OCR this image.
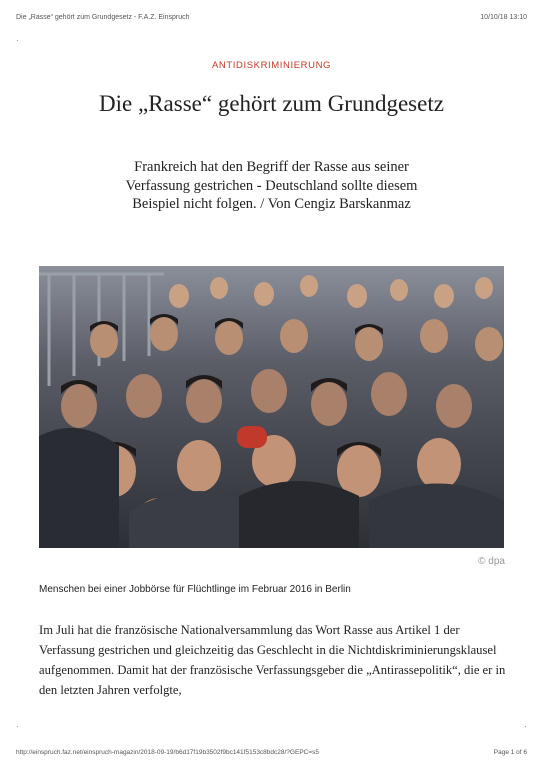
Die „Rasse“ gehört zum Grundgesetz - F.A.Z. Einspruch	10/10/18 13:10
ANTIDISKRIMINIERUNG
Die „Rasse“ gehört zum Grundgesetz
Frankreich hat den Begriff der Rasse aus seiner Verfassung gestrichen - Deutschland sollte diesem Beispiel nicht folgen. / Von Cengiz Barskanmaz
© dpa
Menschen bei einer Jobbörse für Flüchtlinge im Februar 2016 in Berlin

Im Juli hat die französische Nationalversammlung das Wort Rasse aus Artikel 1 der Verfassung gestrichen und gleichzeitig das Geschlecht in die Nichtdiskriminierungsklausel aufgenommen. Damit hat der französische Verfassungsgeber die „Antirassepolitik“, die er in den letzten Jahren verfolgte,

http://einspruch.faz.net/einspruch-magazin/2018-09-19/b6d17f19b3502f9bc141f5153c8bdc28/?GEPC=s5	Page 1 of 6
